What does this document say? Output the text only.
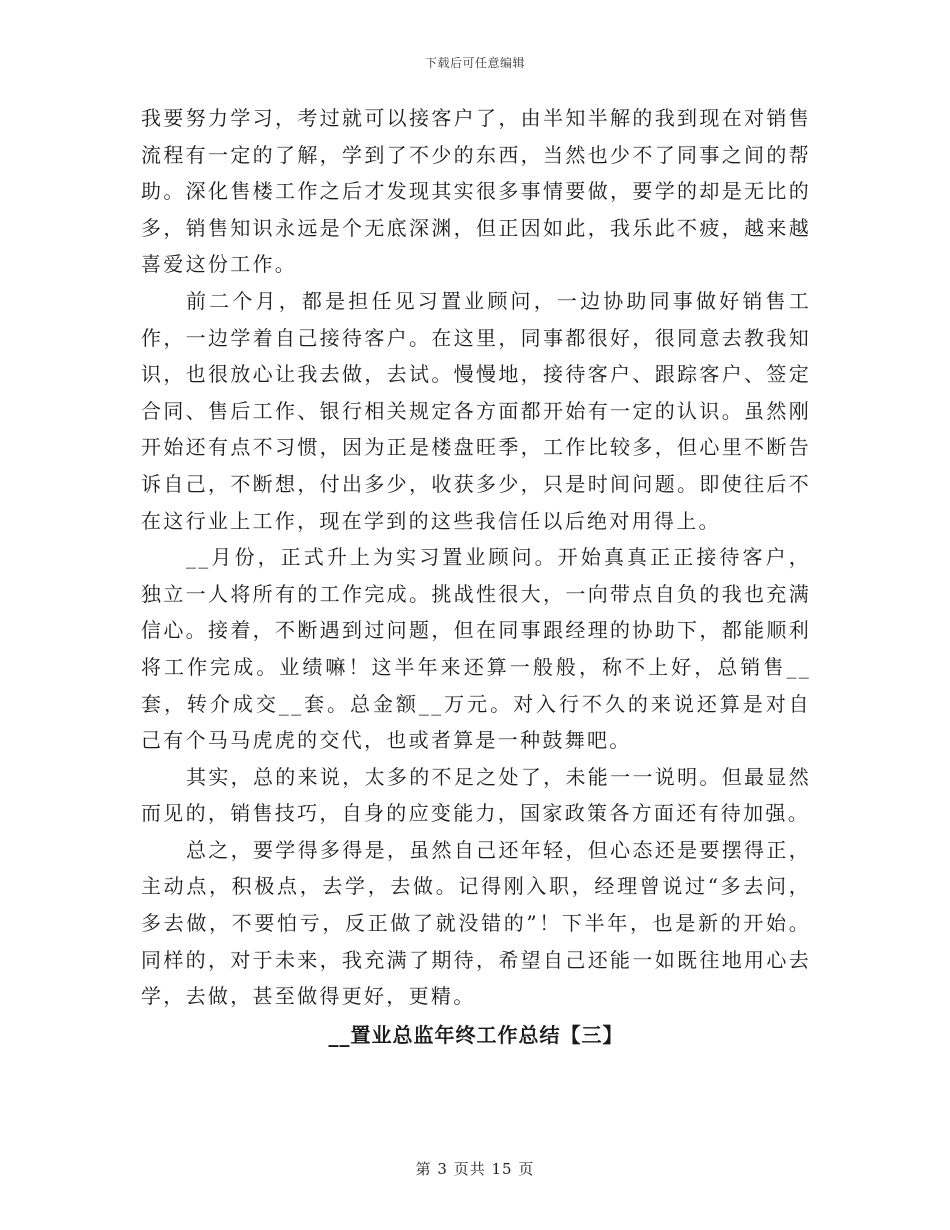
下载后可任意编辑

我要努力学习，考过就可以接客户了，由半知半解的我到现在对销售流程有一定的了解，学到了不少的东西，当然也少不了同事之间的帮助。深化售楼工作之后才发现其实很多事情要做，要学的却是无比的多，销售知识永远是个无底深渊，但正因如此，我乐此不疲，越来越喜爱这份工作。

前二个月，都是担任见习置业顾问，一边协助同事做好销售工作，一边学着自己接待客户。在这里，同事都很好，很同意去教我知识，也很放心让我去做，去试。慢慢地，接待客户、跟踪客户、签定合同、售后工作、银行相关规定各方面都开始有一定的认识。虽然刚开始还有点不习惯，因为正是楼盘旺季，工作比较多，但心里不断告诉自己，不断想，付出多少，收获多少，只是时间问题。即使往后不在这行业上工作，现在学到的这些我信任以后绝对用得上。

__月份，正式升上为实习置业顾问。开始真真正正接待客户，独立一人将所有的工作完成。挑战性很大，一向带点自负的我也充满信心。接着，不断遇到过问题，但在同事跟经理的协助下，都能顺利将工作完成。业绩嘛！这半年来还算一般般，称不上好，总销售__套，转介成交__套。总金额__万元。对入行不久的来说还算是对自己有个马马虎虎的交代，也或者算是一种鼓舞吧。

其实，总的来说，太多的不足之处了，未能一一说明。但最显然而见的，销售技巧，自身的应变能力，国家政策各方面还有待加强。

总之，要学得多得是，虽然自己还年轻，但心态还是要摆得正，主动点，积极点，去学，去做。记得刚入职，经理曾说过“多去问，多去做，不要怕亏，反正做了就没错的”！下半年，也是新的开始。同样的，对于未来，我充满了期待，希望自己还能一如既往地用心去学，去做，甚至做得更好，更精。

__置业总监年终工作总结【三】
第 3 页共 15 页
